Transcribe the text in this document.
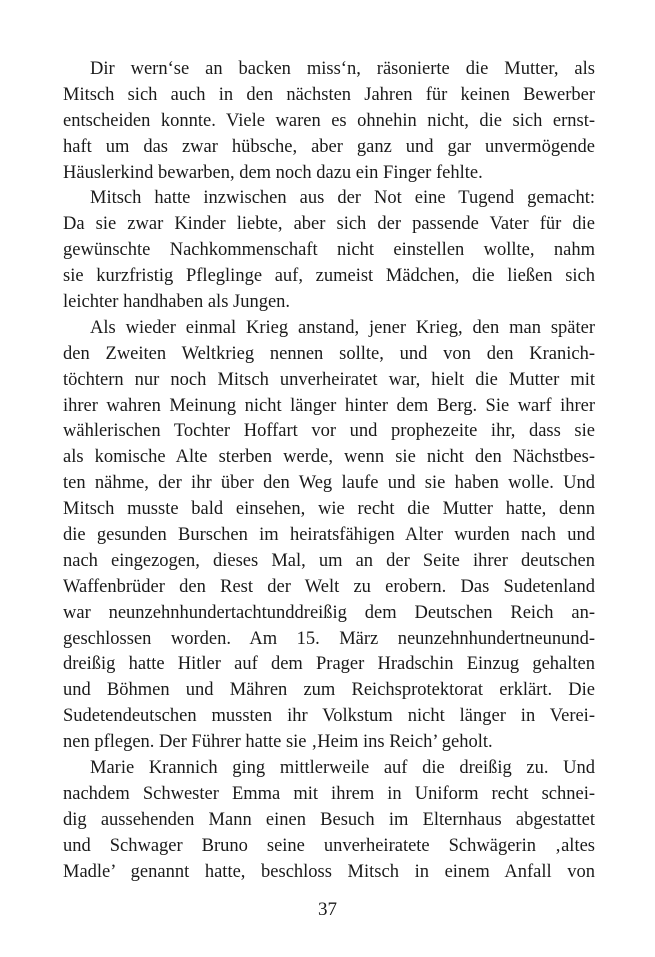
Dir wern‘se an backen miss‘n, räsonierte die Mutter, als
Mitsch sich auch in den nächsten Jahren für keinen Bewerber
entscheiden konnte. Viele waren es ohnehin nicht, die sich ernst-
haft um das zwar hübsche, aber ganz und gar unvermögende
Häuslerkind bewarben, dem noch dazu ein Finger fehlte.
Mitsch hatte inzwischen aus der Not eine Tugend gemacht:
Da sie zwar Kinder liebte, aber sich der passende Vater für die
gewünschte Nachkommenschaft nicht einstellen wollte, nahm
sie kurzfristig Pfleglinge auf, zumeist Mädchen, die ließen sich
leichter handhaben als Jungen.
Als wieder einmal Krieg anstand, jener Krieg, den man später
den Zweiten Weltkrieg nennen sollte, und von den Kranich-
töchtern nur noch Mitsch unverheiratet war, hielt die Mutter mit
ihrer wahren Meinung nicht länger hinter dem Berg. Sie warf ihrer
wählerischen Tochter Hoffart vor und prophezeite ihr, dass sie
als komische Alte sterben werde, wenn sie nicht den Nächstbes-
ten nähme, der ihr über den Weg laufe und sie haben wolle. Und
Mitsch musste bald einsehen, wie recht die Mutter hatte, denn
die gesunden Burschen im heiratsfähigen Alter wurden nach und
nach eingezogen, dieses Mal, um an der Seite ihrer deutschen
Waffenbrüder den Rest der Welt zu erobern. Das Sudetenland
war neunzehnhundertachtunddreißig dem Deutschen Reich an-
geschlossen worden. Am 15. März neunzehnhundertneunund-
dreißig hatte Hitler auf dem Prager Hradschin Einzug gehalten
und Böhmen und Mähren zum Reichsprotektorat erklärt. Die
Sudetendeutschen mussten ihr Volkstum nicht länger in Verei-
nen pflegen. Der Führer hatte sie ‚Heim ins Reich’ geholt.
Marie Krannich ging mittlerweile auf die dreißig zu. Und
nachdem Schwester Emma mit ihrem in Uniform recht schnei-
dig aussehenden Mann einen Besuch im Elternhaus abgestattet
und Schwager Bruno seine unverheiratete Schwägerin ‚altes
Madle’ genannt hatte, beschloss Mitsch in einem Anfall von
37
